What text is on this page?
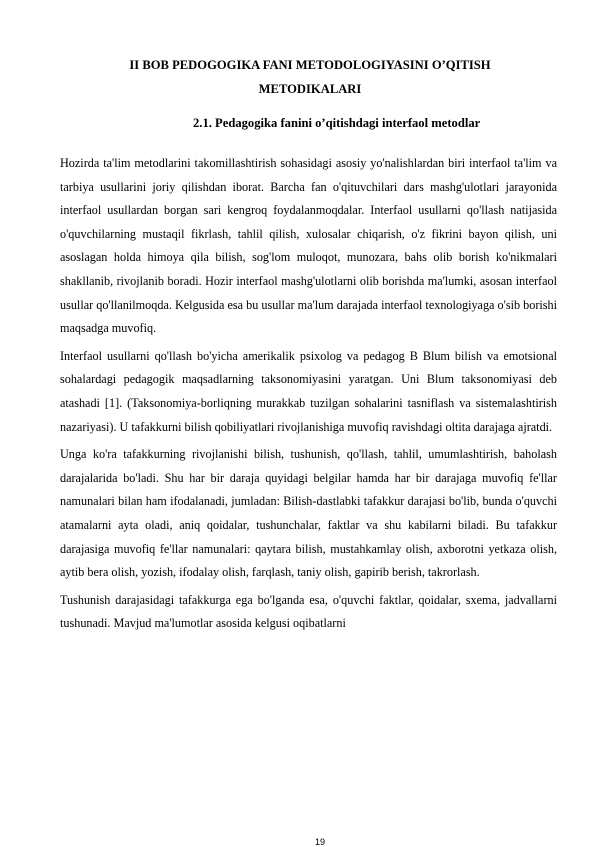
II BOB PEDOGOGIKA FANI METODOLOGIYASINI O’QITISH
METODIKALARI
2.1. Pedagogika fanini o’qitishdagi interfaol metodlar

Hozirda ta'lim metodlarini takomillashtirish sohasidagi asosiy yo'nalishlardan biri interfaol ta'lim va tarbiya usullarini joriy qilishdan iborat. Barcha fan o'qituvchilari dars mashg'ulotlari jarayonida interfaol usullardan borgan sari kengroq foydalanmoqdalar. Interfaol usullarni qo'llash natijasida o'quvchilarning mustaqil fikrlash, tahlil qilish, xulosalar chiqarish, o'z fikrini bayon qilish, uni asoslagan holda himoya qila bilish, sog'lom muloqot, munozara, bahs olib borish ko'nikmalari shakllanib, rivojlanib boradi. Hozir interfaol mashg'ulotlarni olib borishda ma'lumki, asosan interfaol usullar qo'llanilmoqda. Kelgusida esa bu usullar ma'lum darajada interfaol texnologiyaga o'sib borishi maqsadga muvofiq.

Interfaol usullarni qo'llash bo'yicha amerikalik psixolog va pedagog B Blum bilish va emotsional sohalardagi pedagogik maqsadlarning taksonomiyasini yaratgan. Uni Blum taksonomiyasi deb atashadi [1]. (Taksonomiya-borliqning murakkab tuzilgan sohalarini tasniflash va sistemalashtirish nazariyasi). U tafakkurni bilish qobiliyatlari rivojlanishiga muvofiq ravishdagi oltita darajaga ajratdi.

Unga ko'ra tafakkurning rivojlanishi bilish, tushunish, qo'llash, tahlil, umumlashtirish, baholash darajalarida bo'ladi. Shu har bir daraja quyidagi belgilar hamda har bir darajaga muvofiq fe'llar namunalari bilan ham ifodalanadi, jumladan: Bilish-dastlabki tafakkur darajasi bo'lib, bunda o'quvchi atamalarni ayta oladi, aniq qoidalar, tushunchalar, faktlar va shu kabilarni biladi. Bu tafakkur darajasiga muvofiq fe'llar namunalari: qaytara bilish, mustahkamlay olish, axborotni yetkaza olish, aytib bera olish, yozish, ifodalay olish, farqlash, taniy olish, gapirib berish, takrorlash.

Tushunish darajasidagi tafakkurga ega bo'lganda esa, o'quvchi faktlar, qoidalar, sxema, jadvallarni tushunadi. Mavjud ma'lumotlar asosida kelgusi oqibatlarni

19
